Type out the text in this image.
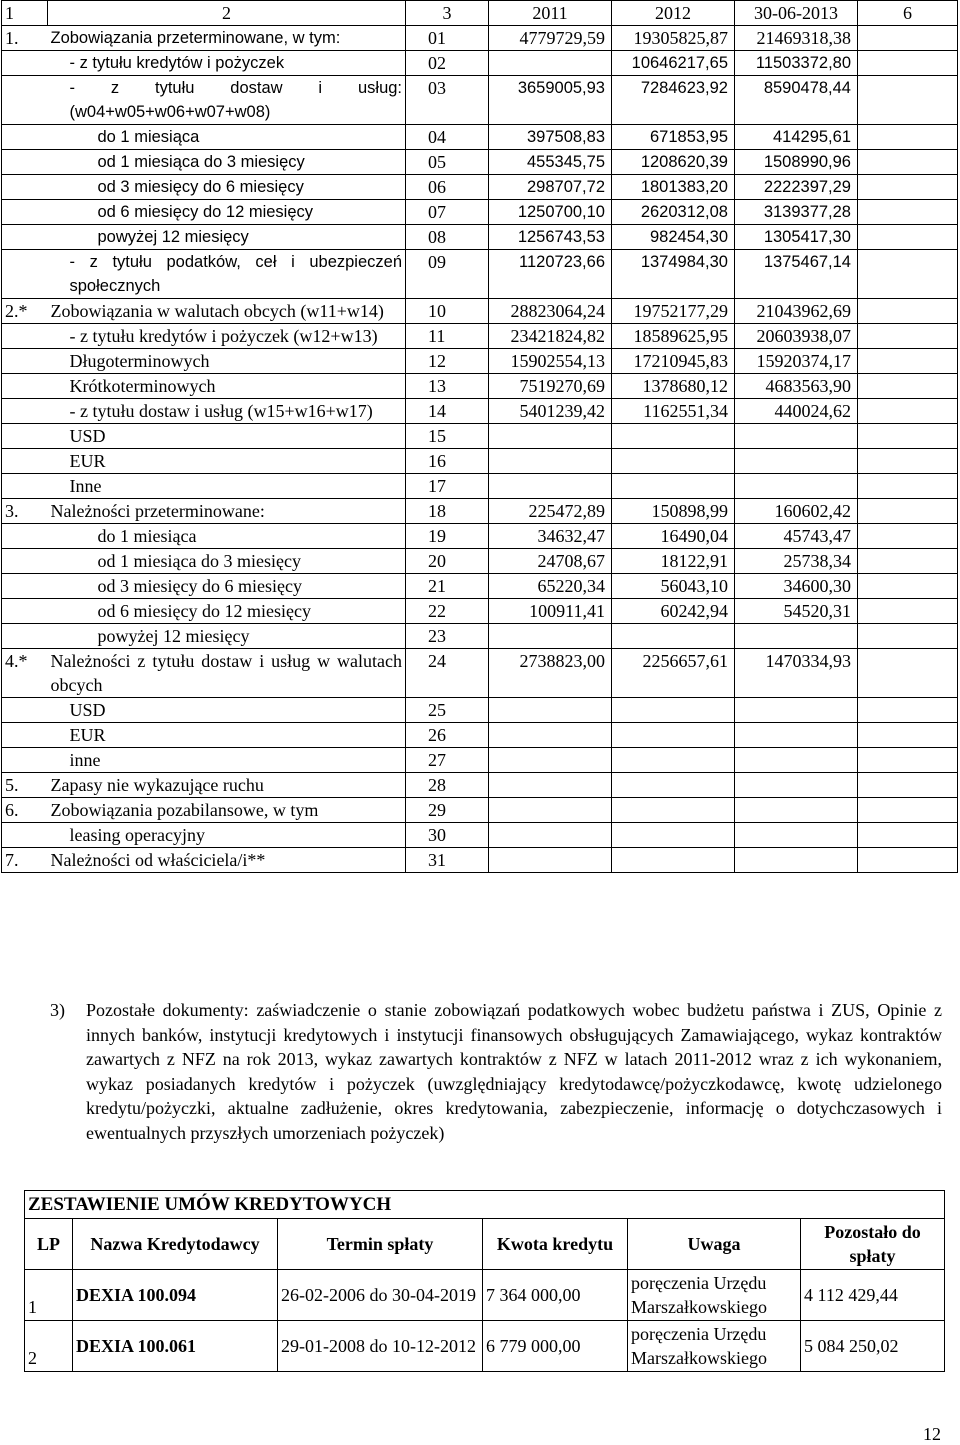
1	2	3	2011	2012	30-06-2013	6
1.	Zobowiązania przeterminowane, w tym:	01	4779729,59	19305825,87	21469318,38	
	- z tytułu kredytów i pożyczek	02		10646217,65	11503372,80	
	- z tytułu dostaw i usług: (w04+w05+w06+w07+w08)	03	3659005,93	7284623,92	8590478,44	
	do 1 miesiąca	04	397508,83	671853,95	414295,61	
	od 1 miesiąca do 3 miesięcy	05	455345,75	1208620,39	1508990,96	
	od 3 miesięcy do 6 miesięcy	06	298707,72	1801383,20	2222397,29	
	od 6 miesięcy do 12 miesięcy	07	1250700,10	2620312,08	3139377,28	
	powyżej 12 miesięcy	08	1256743,53	982454,30	1305417,30	
	- z tytułu podatków, ceł i ubezpieczeń społecznych	09	1120723,66	1374984,30	1375467,14	
2.*	Zobowiązania w walutach obcych (w11+w14)	10	28823064,24	19752177,29	21043962,69	
	- z tytułu kredytów i pożyczek (w12+w13)	11	23421824,82	18589625,95	20603938,07	
	Długoterminowych	12	15902554,13	17210945,83	15920374,17	
	Krótkoterminowych	13	7519270,69	1378680,12	4683563,90	
	- z tytułu dostaw i usług (w15+w16+w17)	14	5401239,42	1162551,34	440024,62	
	USD	15				
	EUR	16				
	Inne	17				
3.	Należności przeterminowane:	18	225472,89	150898,99	160602,42	
	do 1 miesiąca	19	34632,47	16490,04	45743,47	
	od 1 miesiąca do 3 miesięcy	20	24708,67	18122,91	25738,34	
	od 3 miesięcy do 6 miesięcy	21	65220,34	56043,10	34600,30	
	od 6 miesięcy do 12 miesięcy	22	100911,41	60242,94	54520,31	
	powyżej 12 miesięcy	23				
4.*	Należności z tytułu dostaw i usług w walutach obcych	24	2738823,00	2256657,61	1470334,93	
	USD	25				
	EUR	26				
	inne	27				
5.	Zapasy nie wykazujące ruchu	28				
6.	Zobowiązania pozabilansowe, w tym	29				
	leasing operacyjny	30				
7.	Należności od właściciela/i**	31				

3) Pozostałe dokumenty: zaświadczenie o stanie zobowiązań podatkowych wobec budżetu państwa i ZUS, Opinie z innych banków, instytucji kredytowych i instytucji finansowych obsługujących Zamawiającego, wykaz kontraktów zawartych z NFZ na rok 2013, wykaz zawartych kontraktów z NFZ w latach 2011-2012 wraz z ich wykonaniem, wykaz posiadanych kredytów i pożyczek (uwzględniający kredytodawcę/pożyczkodawcę, kwotę udzielonego kredytu/pożyczki, aktualne zadłużenie, okres kredytowania, zabezpieczenie, informację o dotychczasowych i ewentualnych przyszłych umorzeniach pożyczek)

ZESTAWIENIE UMÓW KREDYTOWYCH					
LP	Nazwa Kredytodawcy	Termin spłaty	Kwota kredytu	Uwaga	Pozostało do spłaty
1	DEXIA 100.094	26-02-2006 do 30-04-2019	7 364 000,00	poręczenia Urzędu Marszałkowskiego	4 112 429,44
2	DEXIA 100.061	29-01-2008 do 10-12-2012	6 779 000,00	poręczenia Urzędu Marszałkowskiego	5 084 250,02
12
